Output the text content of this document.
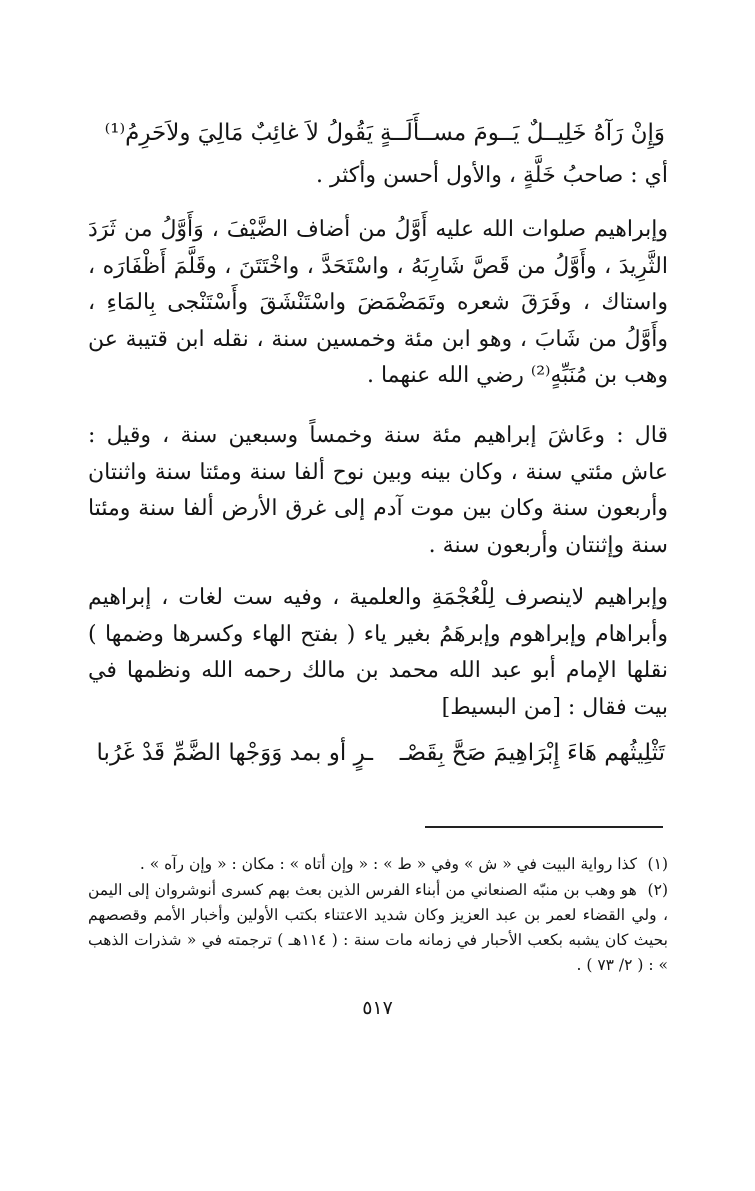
وَإِنْ رَآهُ خَلِيــلٌ يَــومَ مســأَلَــةٍ
يَقُولُ لاَ غائِبٌ مَالِيَ ولاَحَرِمُ⁽¹⁾

أي : صاحبُ خَلَّةٍ ، والأول أحسن وأكثر .

وإبراهيم صلوات الله عليه أَوَّلُ من أضاف الضَّيْفَ ، وَأَوَّلُ من ثَرَدَ الثَّرِيدَ ، وأَوَّلُ من قَصَّ شَارِبَهُ ، واسْتَحَدَّ ، واخْتَتَنَ ، وقَلَّمَ أَظْفَارَه ، واستاك ، وفَرَقَ شعره وتَمَضْمَضَ واسْتَنْشَقَ وأَسْتَنْجى بِالمَاءِ ، وأَوَّلُ من شَابَ ، وهو ابن مئة وخمسين سنة ، نقله ابن قتيبة عن وهب بن مُنَبِّهٍ⁽²⁾ رضي الله عنهما .

قال : وعَاشَ إبراهيم مئة سنة وخمساً وسبعين سنة ، وقيل : عاش مئتي سنة ، وكان بينه وبين نوح ألفا سنة ومئتا سنة واثنتان وأربعون سنة وكان بين موت آدم إلى غرق الأرض ألفا سنة ومئتا سنة وإثنتان وأربعون سنة .

وإبراهيم لاينصرف لِلْعُجْمَةِ والعلمية ، وفيه ست لغات ، إبراهيم وأبراهام وإبراهوم وإبرهَمُ بغير ياء ( بفتح الهاء وكسرها وضمها ) نقلها الإمام أبو عبد الله محمد بن مالك رحمه الله ونظمها في بيت فقال : [من البسيط]

تَثْلِيثُهم هَاءَ إِبْرَاهِيمَ صَحَّ بِقَصْـ
ـرٍ أو بمد وَوَجْها الضَّمِّ قَدْ غَرُبا
(١) كذا رواية البيت في « ش » وفي « ط » : « وإن أتاه » : مكان : « وإن رآه » .
(٢) هو وهب بن منبّه الصنعاني من أبناء الفرس الذين بعث بهم كسرى أنوشروان إلى اليمن ، ولي القضاء لعمر بن عبد العزيز وكان شديد الاعتناء بكتب الأولين وأخبار الأمم وقصصهم بحيث كان يشبه بكعب الأحبار في زمانه مات سنة : ( ١١٤هـ ) ترجمته في « شذرات الذهب » : ( ٢/ ٧٣ ) .
٥١٧
